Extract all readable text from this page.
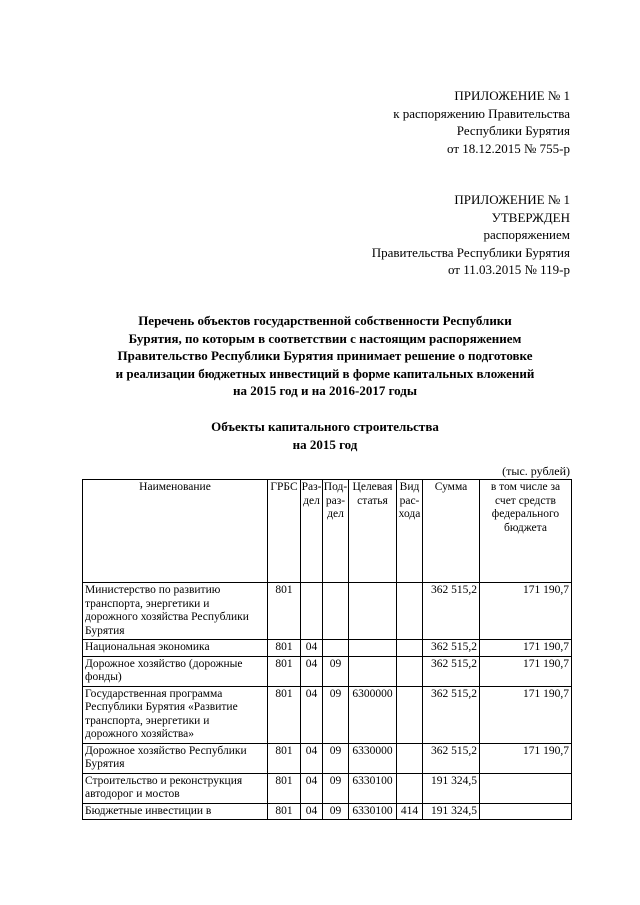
ПРИЛОЖЕНИЕ № 1
к распоряжению Правительства
Республики Бурятия
от 18.12.2015 № 755-р
ПРИЛОЖЕНИЕ № 1
УТВЕРЖДЕН
распоряжением
Правительства Республики Бурятия
от 11.03.2015 № 119-р
Перечень объектов государственной собственности Республики
Бурятия, по которым в соответствии с настоящим распоряжением
Правительство Республики Бурятия принимает решение о подготовке
и реализации бюджетных инвестиций в форме капитальных вложений
на 2015 год и на 2016-2017 годы
Объекты капитального строительства
на 2015 год
(тыс. рублей)
Наименование	ГРБС	Раз-дел	Под-раз-дел	Целевая статья	Вид рас-хода	Сумма	в том числе за счет средств федерального бюджета
Министерство по развитию транспорта, энергетики и дорожного хозяйства Республики Бурятия	801					362 515,2	171 190,7
Национальная экономика	801	04				362 515,2	171 190,7
Дорожное хозяйство (дорожные фонды)	801	04	09			362 515,2	171 190,7
Государственная программа Республики Бурятия «Развитие транспорта, энергетики и дорожного хозяйства»	801	04	09	6300000		362 515,2	171 190,7
Дорожное хозяйство Республики Бурятия	801	04	09	6330000		362 515,2	171 190,7
Строительство и реконструкция автодорог и мостов	801	04	09	6330100		191 324,5	
Бюджетные инвестиции в	801	04	09	6330100	414	191 324,5	
